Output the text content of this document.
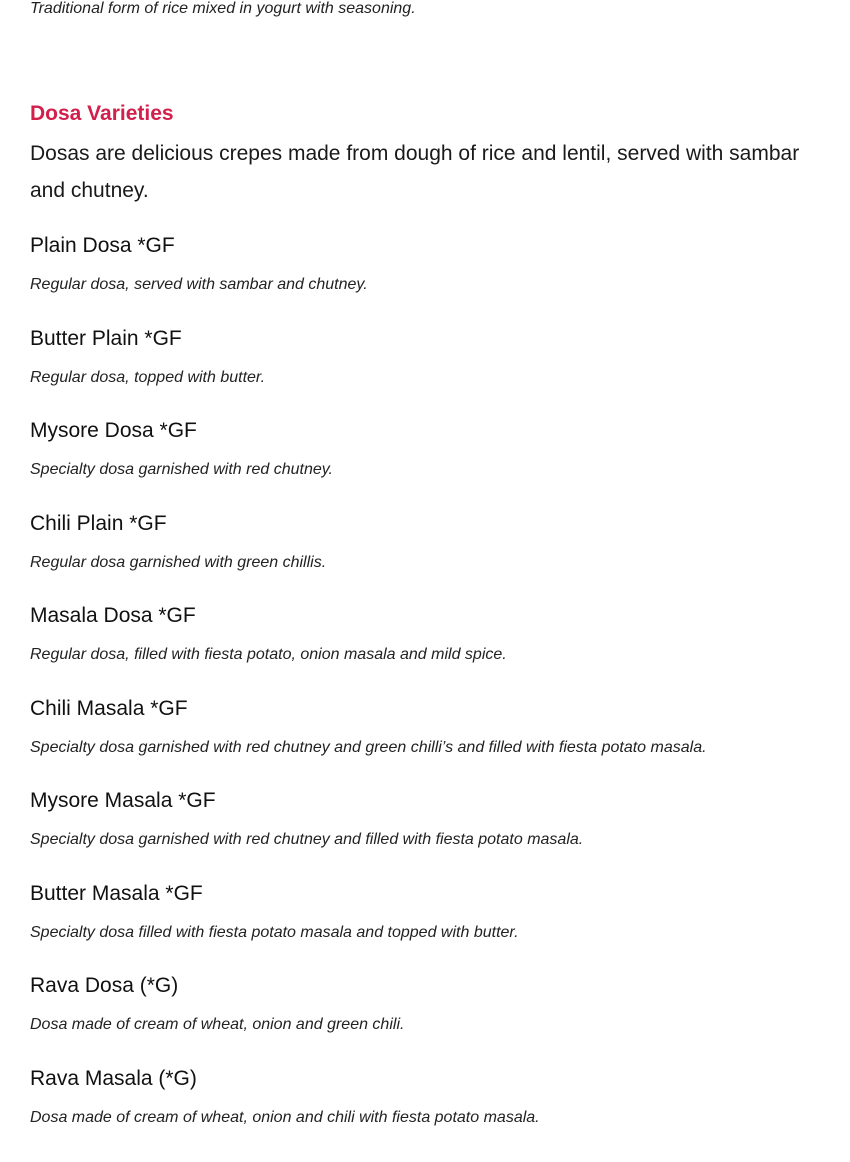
Traditional form of rice mixed in yogurt with seasoning.
Dosa Varieties

Dosas are delicious crepes made from dough of rice and lentil, served with sambar and chutney.

Plain Dosa *GF
Regular dosa, served with sambar and chutney.
Butter Plain *GF
Regular dosa, topped with butter.
Mysore Dosa *GF
Specialty dosa garnished with red chutney.
Chili Plain *GF
Regular dosa garnished with green chillis.
Masala Dosa *GF
Regular dosa, filled with fiesta potato, onion masala and mild spice.
Chili Masala *GF
Specialty dosa garnished with red chutney and green chilli’s and filled with fiesta potato masala.
Mysore Masala *GF
Specialty dosa garnished with red chutney and filled with fiesta potato masala.
Butter Masala *GF
Specialty dosa filled with fiesta potato masala and topped with butter.
Rava Dosa (*G)
Dosa made of cream of wheat, onion and green chili.
Rava Masala (*G)
Dosa made of cream of wheat, onion and chili with fiesta potato masala.
